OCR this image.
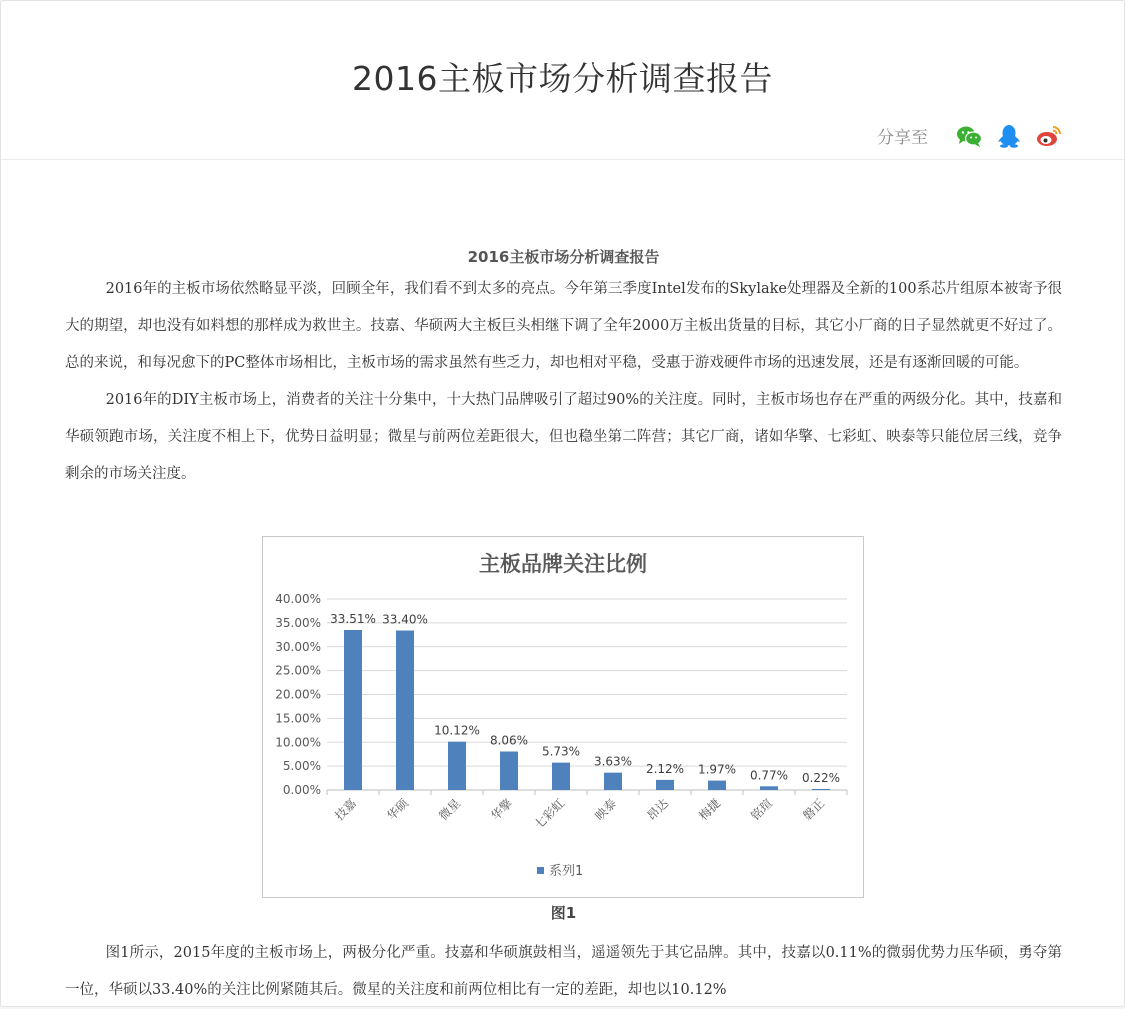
2016主板市场分析调查报告
分享至
2016主板市场分析调查报告

2016年的主板市场依然略显平淡，回顾全年，我们看不到太多的亮点。今年第三季度Intel发布的Skylake处理器及全新的100系芯片组原本被寄予很大的期望，却也没有如料想的那样成为救世主。技嘉、华硕两大主板巨头相继下调了全年2000万主板出货量的目标，其它小厂商的日子显然就更不好过了。总的来说，和每况愈下的PC整体市场相比，主板市场的需求虽然有些乏力，却也相对平稳，受惠于游戏硬件市场的迅速发展，还是有逐渐回暖的可能。

2016年的DIY主板市场上，消费者的关注十分集中，十大热门品牌吸引了超过90%的关注度。同时，主板市场也存在严重的两级分化。其中，技嘉和华硕领跑市场，关注度不相上下，优势日益明显；微星与前两位差距很大，但也稳坐第二阵营；其它厂商，诸如华擎、七彩虹、映泰等只能位居三线，竞争剩余的市场关注度。

主板品牌关注比例
0.00%
5.00%
10.00%
15.00%
20.00%
25.00%
30.00%
35.00%
40.00%
33.51%
技嘉
33.40%
华硕
10.12%
微星
8.06%
华擎
5.73%
七彩虹
3.63%
映泰
2.12%
昂达
1.97%
梅捷
0.77%
铭瑄
0.22%
磐正
系列1
图1

图1所示，2015年度的主板市场上，两极分化严重。技嘉和华硕旗鼓相当，遥遥领先于其它品牌。其中，技嘉以0.11%的微弱优势力压华硕，勇夺第一位，华硕以33.40%的关注比例紧随其后。微星的关注度和前两位相比有一定的差距，却也以10.12%
